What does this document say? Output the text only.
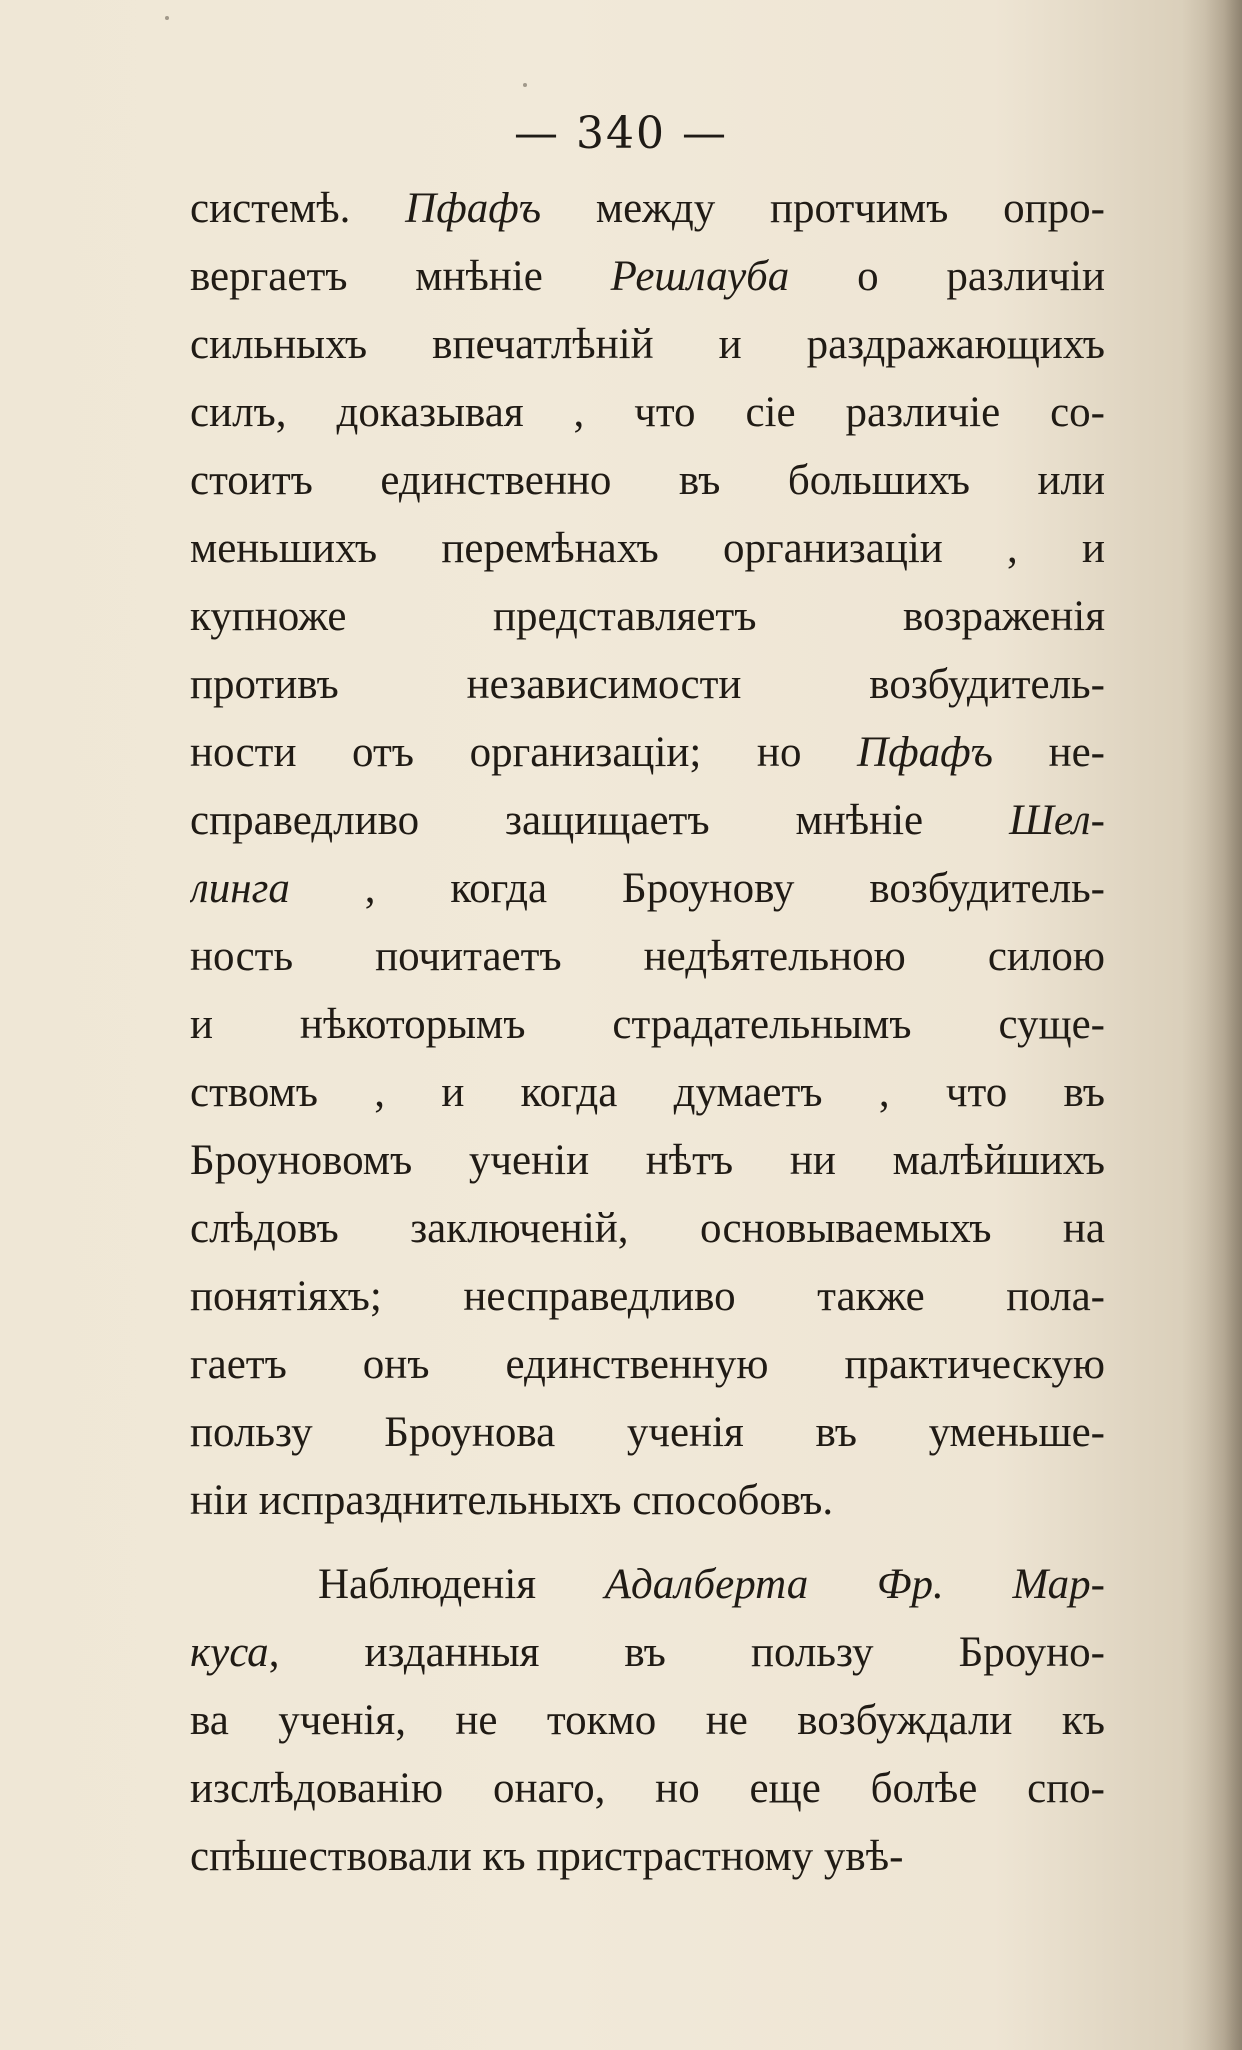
— 340 —
системѣ. Пфафъ между протчимъ опро-
вергаетъ мнѣніе Решлауба о различіи
сильныхъ впечатлѣній и раздражающихъ
силъ, доказывая , что сіе различіе со-
стоитъ единственно въ большихъ или
меньшихъ перемѣнахъ организаціи , и
купноже представляетъ возраженія
противъ независимости возбудитель-
ности отъ организаціи; но Пфафъ не-
справедливо защищаетъ мнѣніе Шел-
линга , когда Броунову возбудитель-
ность почитаетъ недѣятельною силою
и нѣкоторымъ страдательнымъ суще-
ствомъ , и когда думаетъ , что въ
Броуновомъ ученіи нѣтъ ни малѣйшихъ
слѣдовъ заключеній, основываемыхъ на
понятіяхъ; несправедливо также пола-
гаетъ онъ единственную практическую
пользу Броунова ученія въ уменьше-
ніи испразднительныхъ способовъ.
Наблюденія Адалберта Фр. Мар-
куса, изданныя въ пользу Броуно-
ва ученія, не токмо не возбуждали къ
изслѣдованію онаго, но еще болѣе спо-
спѣшествовали къ пристрастному увѣ-
